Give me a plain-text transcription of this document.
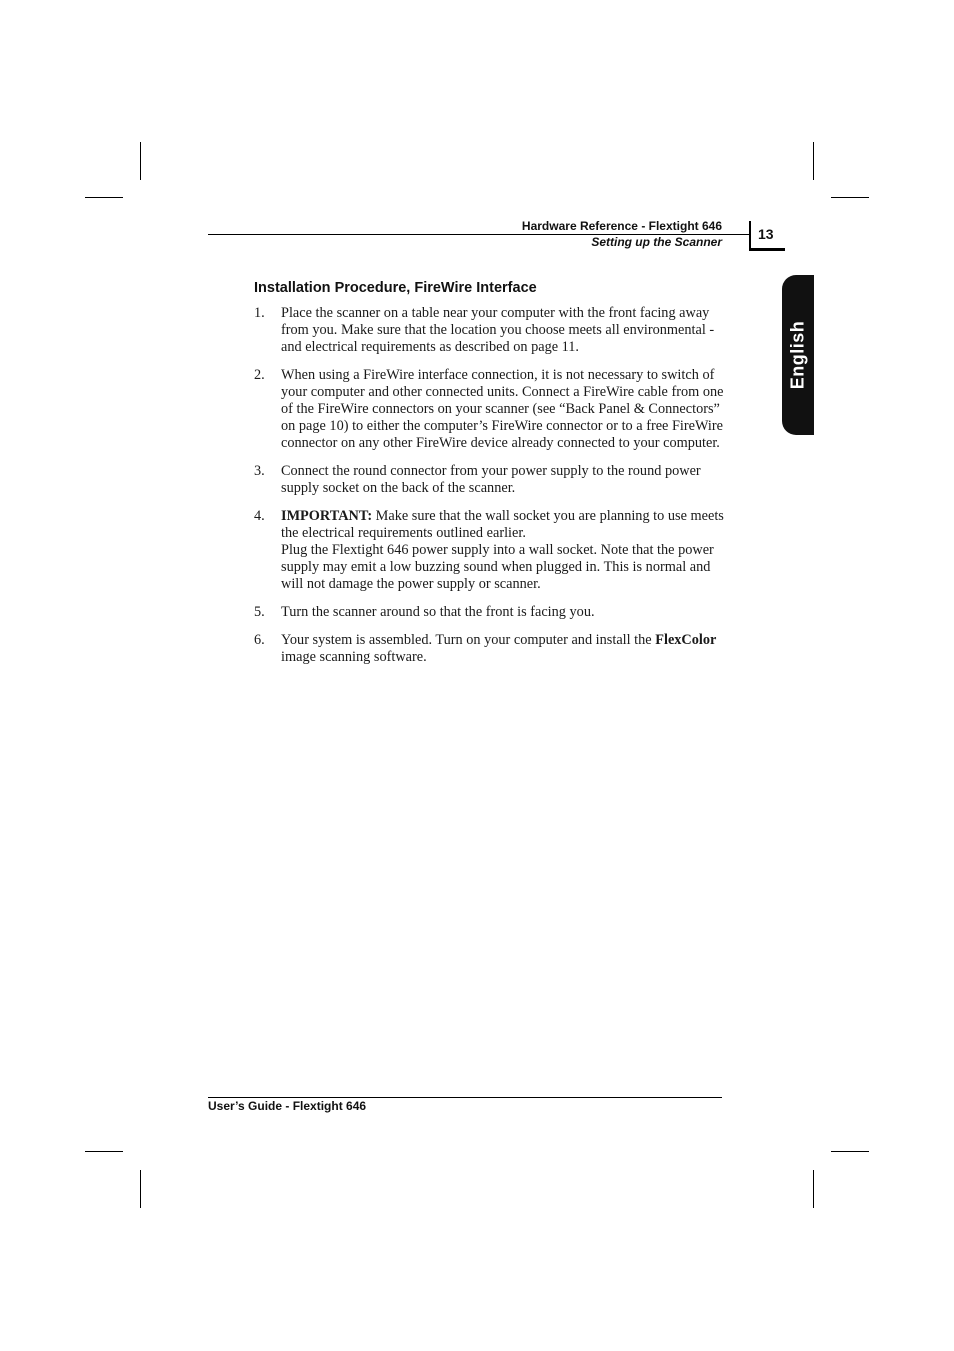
Hardware Reference - Flextight 646
Setting up the Scanner	13
English
Installation Procedure, FireWire Interface
1.	Place the scanner on a table near your computer with the front facing away from you. Make sure that the location you choose meets all environmental - and electrical requirements as described on page 11.
2.	When using a FireWire interface connection, it is not necessary to switch of your computer and other connected units. Connect a FireWire cable from one of the FireWire connectors on your scanner (see “Back Panel & Connectors” on page 10) to either the computer’s FireWire connector or to a free FireWire connector on any other FireWire device already connected to your computer.
3.	Connect the round connector from your power supply to the round power supply socket on the back of the scanner.
4.	IMPORTANT: Make sure that the wall socket you are planning to use meets the electrical requirements outlined earlier.
Plug the Flextight 646 power supply into a wall socket. Note that the power supply may emit a low buzzing sound when plugged in. This is normal and will not damage the power supply or scanner.
5.	Turn the scanner around so that the front is facing you.
6.	Your system is assembled. Turn on your computer and install the FlexColor image scanning software.
User’s Guide - Flextight 646
